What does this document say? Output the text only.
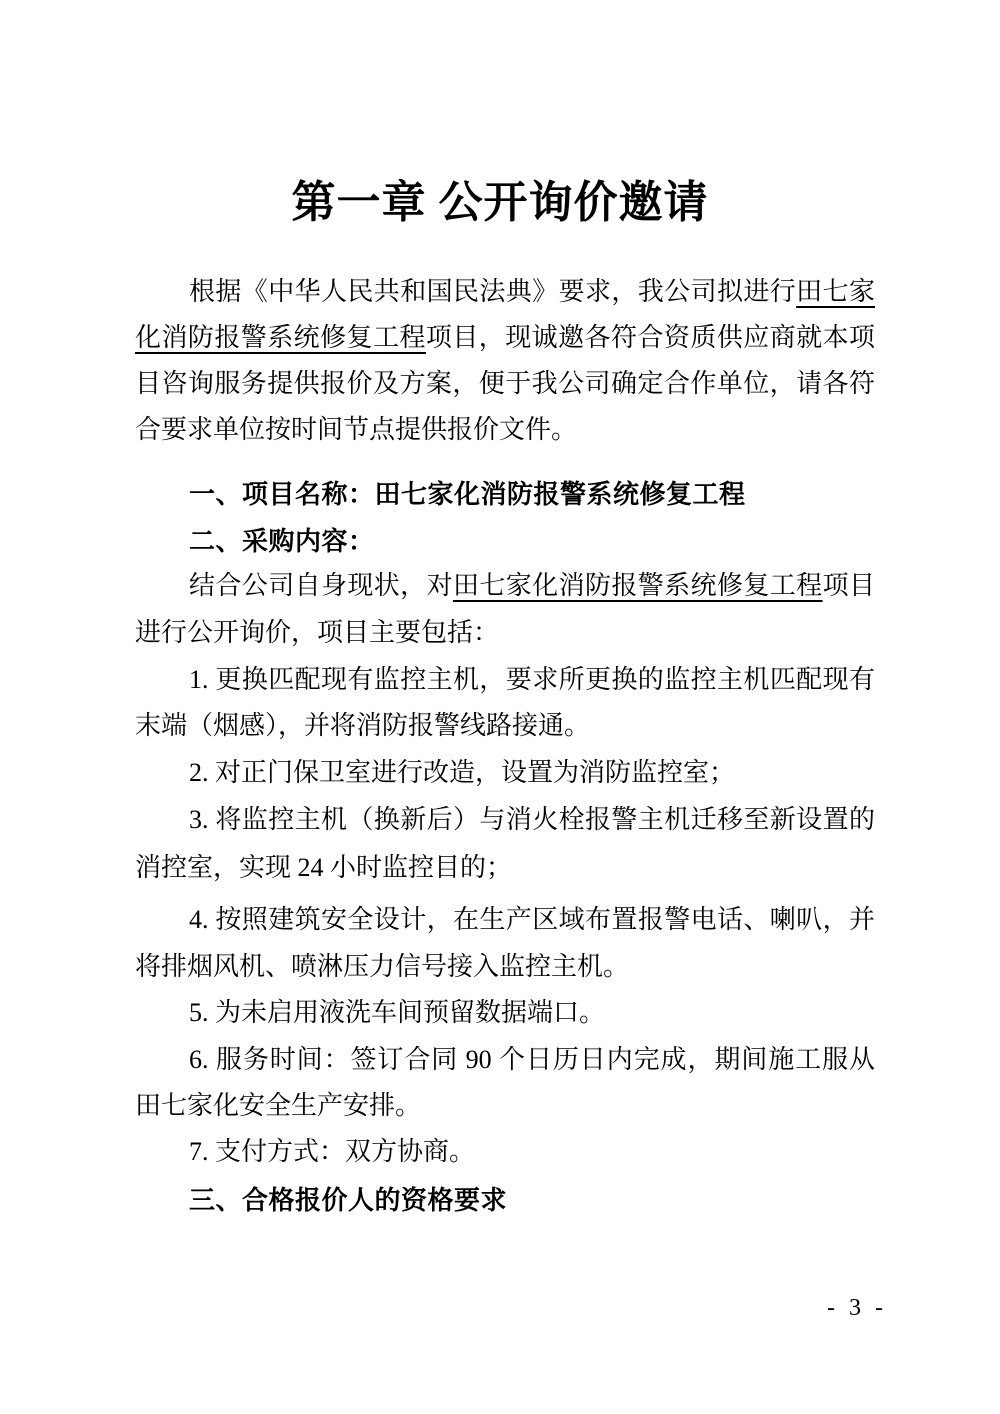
第一章 公开询价邀请
根据《中华人民共和国民法典》要求，我公司拟进行田七家
化消防报警系统修复工程项目，现诚邀各符合资质供应商就本项
目咨询服务提供报价及方案，便于我公司确定合作单位，请各符
合要求单位按时间节点提供报价文件。
一、项目名称：田七家化消防报警系统修复工程
二、采购内容：
结合公司自身现状，对田七家化消防报警系统修复工程项目
进行公开询价，项目主要包括：
1. 更换匹配现有监控主机，要求所更换的监控主机匹配现有
末端（烟感），并将消防报警线路接通。
2. 对正门保卫室进行改造，设置为消防监控室；
3. 将监控主机（换新后）与消火栓报警主机迁移至新设置的
消控室，实现 24 小时监控目的；
4. 按照建筑安全设计，在生产区域布置报警电话、喇叭，并
将排烟风机、喷淋压力信号接入监控主机。
5. 为未启用液洗车间预留数据端口。
6. 服务时间：签订合同 90 个日历日内完成，期间施工服从
田七家化安全生产安排。
7. 支付方式：双方协商。
三、合格报价人的资格要求
- 3 -
